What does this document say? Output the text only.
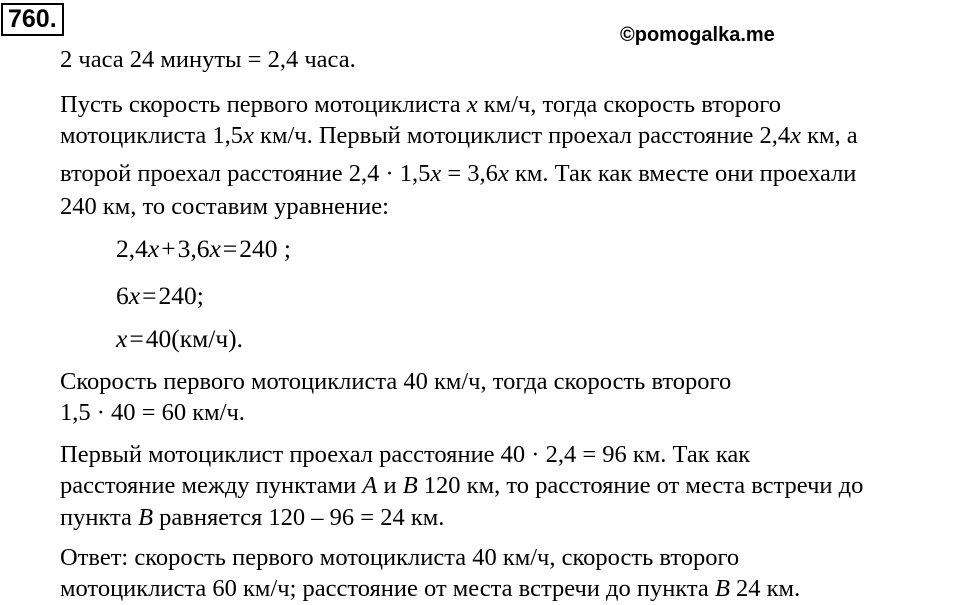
760.
©pomogalka.me
2 часа 24 минуты = 2,4 часа.
Пусть скорость первого мотоциклиста x км/ч, тогда скорость второго
мотоциклиста 1,5x км/ч. Первый мотоциклист проехал расстояние 2,4x км, а
второй проехал расстояние 2,4 · 1,5x = 3,6x км. Так как вместе они проехали
240 км, то составим уравнение:
2,4x+3,6x=240 ;
6x=240;
x=40(км/ч).
Скорость первого мотоциклиста 40 км/ч, тогда скорость второго
1,5 · 40 = 60 км/ч.
Первый мотоциклист проехал расстояние 40 · 2,4 = 96 км. Так как
расстояние между пунктами А и В 120 км, то расстояние от места встречи до
пункта В равняется 120 – 96 = 24 км.
Ответ: скорость первого мотоциклиста 40 км/ч, скорость второго
мотоциклиста 60 км/ч; расстояние от места встречи до пункта В 24 км.
